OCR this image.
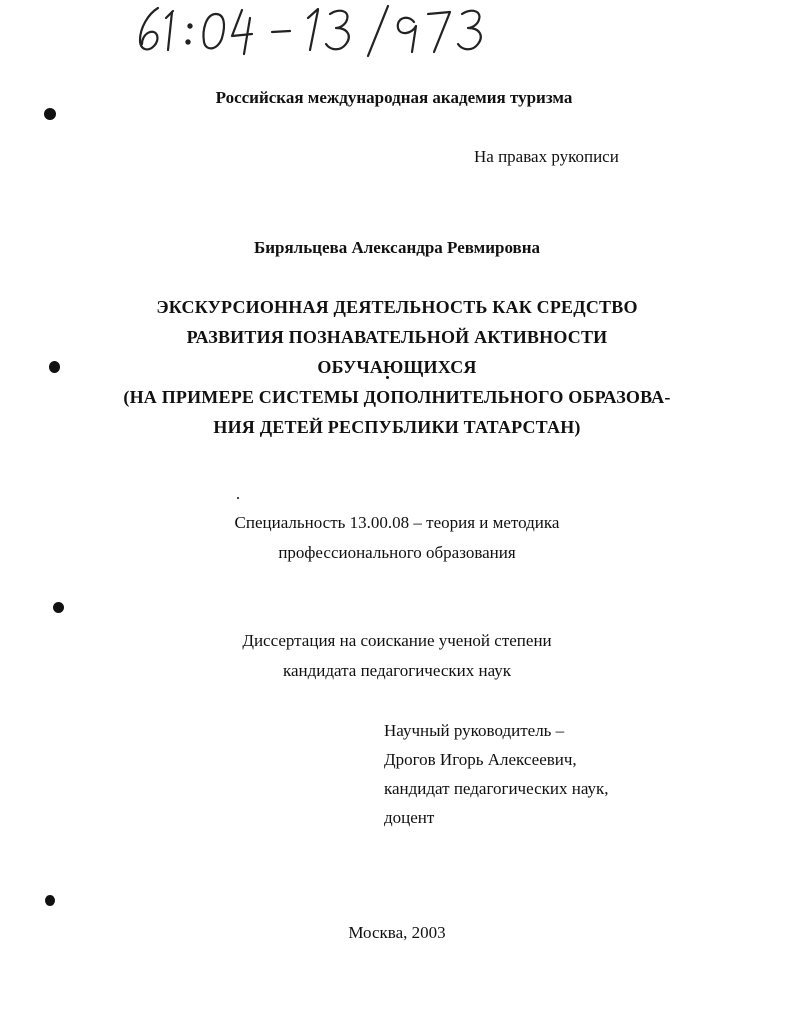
Российская международная академия туризма
На правах рукописи
Биряльцева Александра Ревмировна
ЭКСКУРСИОННАЯ ДЕЯТЕЛЬНОСТЬ КАК СРЕДСТВО
РАЗВИТИЯ ПОЗНАВАТЕЛЬНОЙ АКТИВНОСТИ
ОБУЧАЮЩИХСЯ
(НА ПРИМЕРЕ СИСТЕМЫ ДОПОЛНИТЕЛЬНОГО ОБРАЗОВА-
НИЯ ДЕТЕЙ РЕСПУБЛИКИ ТАТАРСТАН)
Специальность 13.00.08 – теория и методика
профессионального образования
Диссертация на соискание ученой степени
кандидата педагогических наук
Научный руководитель –
Дрогов Игорь Алексеевич,
кандидат педагогических наук,
доцент
Москва, 2003
